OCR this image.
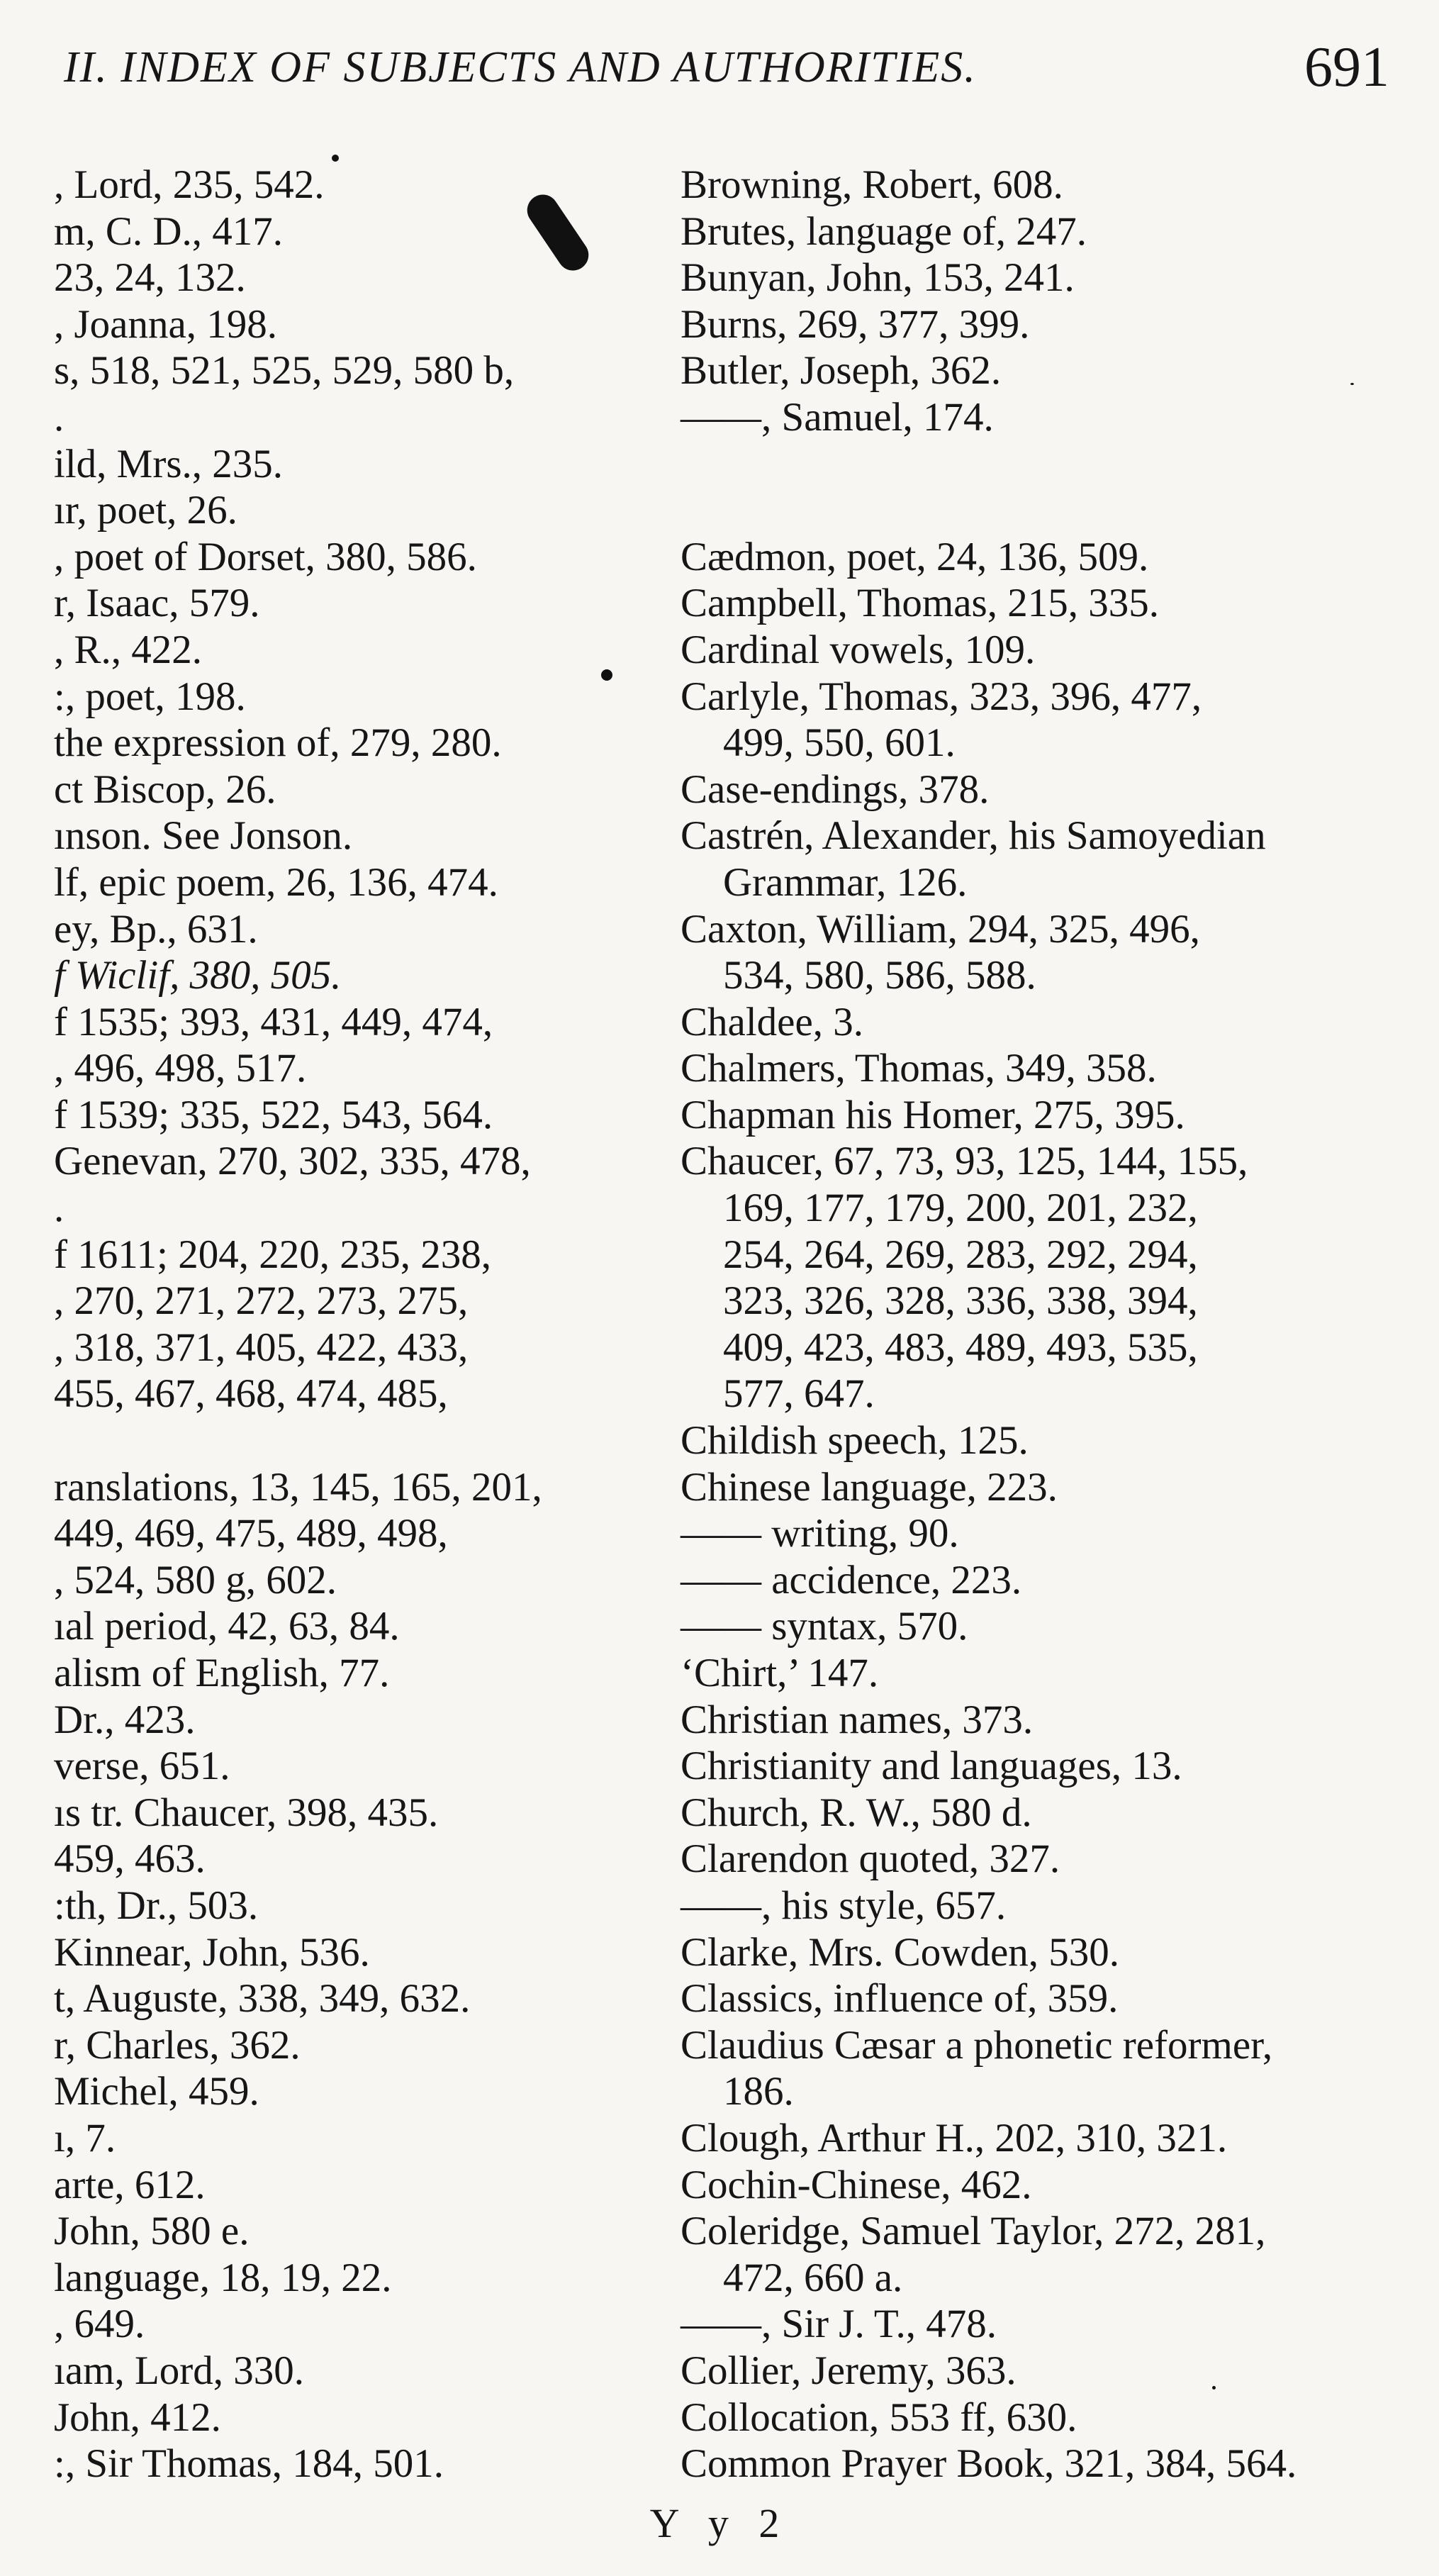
II. INDEX OF SUBJECTS AND AUTHORITIES.	691
, Lord, 235, 542.
m, C. D., 417.
23, 24, 132.
, Joanna, 198.
s, 518, 521, 525, 529, 580 b,
.
ild, Mrs., 235.
ır, poet, 26.
, poet of Dorset, 380, 586.
r, Isaac, 579.
, R., 422.
:, poet, 198.
the expression of, 279, 280.
ct Biscop, 26.
ınson. See Jonson.
lf, epic poem, 26, 136, 474.
ey, Bp., 631.
f Wiclif, 380, 505.
f 1535; 393, 431, 449, 474,
, 496, 498, 517.
f 1539; 335, 522, 543, 564.
Genevan, 270, 302, 335, 478,
.
f 1611; 204, 220, 235, 238,
, 270, 271, 272, 273, 275,
, 318, 371, 405, 422, 433,
455, 467, 468, 474, 485,
ranslations, 13, 145, 165, 201,
449, 469, 475, 489, 498,
, 524, 580 g, 602.
ıal period, 42, 63, 84.
alism of English, 77.
Dr., 423.
verse, 651.
ıs tr. Chaucer, 398, 435.
459, 463.
:th, Dr., 503.
Kinnear, John, 536.
t, Auguste, 338, 349, 632.
r, Charles, 362.
Michel, 459.
ı, 7.
arte, 612.
John, 580 e.
language, 18, 19, 22.
, 649.
ıam, Lord, 330.
John, 412.
:, Sir Thomas, 184, 501.
Browning, Robert, 608.
Brutes, language of, 247.
Bunyan, John, 153, 241.
Burns, 269, 377, 399.
Butler, Joseph, 362.
——, Samuel, 174.
Cædmon, poet, 24, 136, 509.
Campbell, Thomas, 215, 335.
Cardinal vowels, 109.
Carlyle, Thomas, 323, 396, 477,
499, 550, 601.
Case-endings, 378.
Castrén, Alexander, his Samoyedian
Grammar, 126.
Caxton, William, 294, 325, 496,
534, 580, 586, 588.
Chaldee, 3.
Chalmers, Thomas, 349, 358.
Chapman his Homer, 275, 395.
Chaucer, 67, 73, 93, 125, 144, 155,
169, 177, 179, 200, 201, 232,
254, 264, 269, 283, 292, 294,
323, 326, 328, 336, 338, 394,
409, 423, 483, 489, 493, 535,
577, 647.
Childish speech, 125.
Chinese language, 223.
—— writing, 90.
—— accidence, 223.
—— syntax, 570.
‘Chirt,’ 147.
Christian names, 373.
Christianity and languages, 13.
Church, R. W., 580 d.
Clarendon quoted, 327.
——, his style, 657.
Clarke, Mrs. Cowden, 530.
Classics, influence of, 359.
Claudius Cæsar a phonetic reformer,
186.
Clough, Arthur H., 202, 310, 321.
Cochin-Chinese, 462.
Coleridge, Samuel Taylor, 272, 281,
472, 660 a.
——, Sir J. T., 478.
Collier, Jeremy, 363.
Collocation, 553 ff, 630.
Common Prayer Book, 321, 384, 564.
Y y 2
